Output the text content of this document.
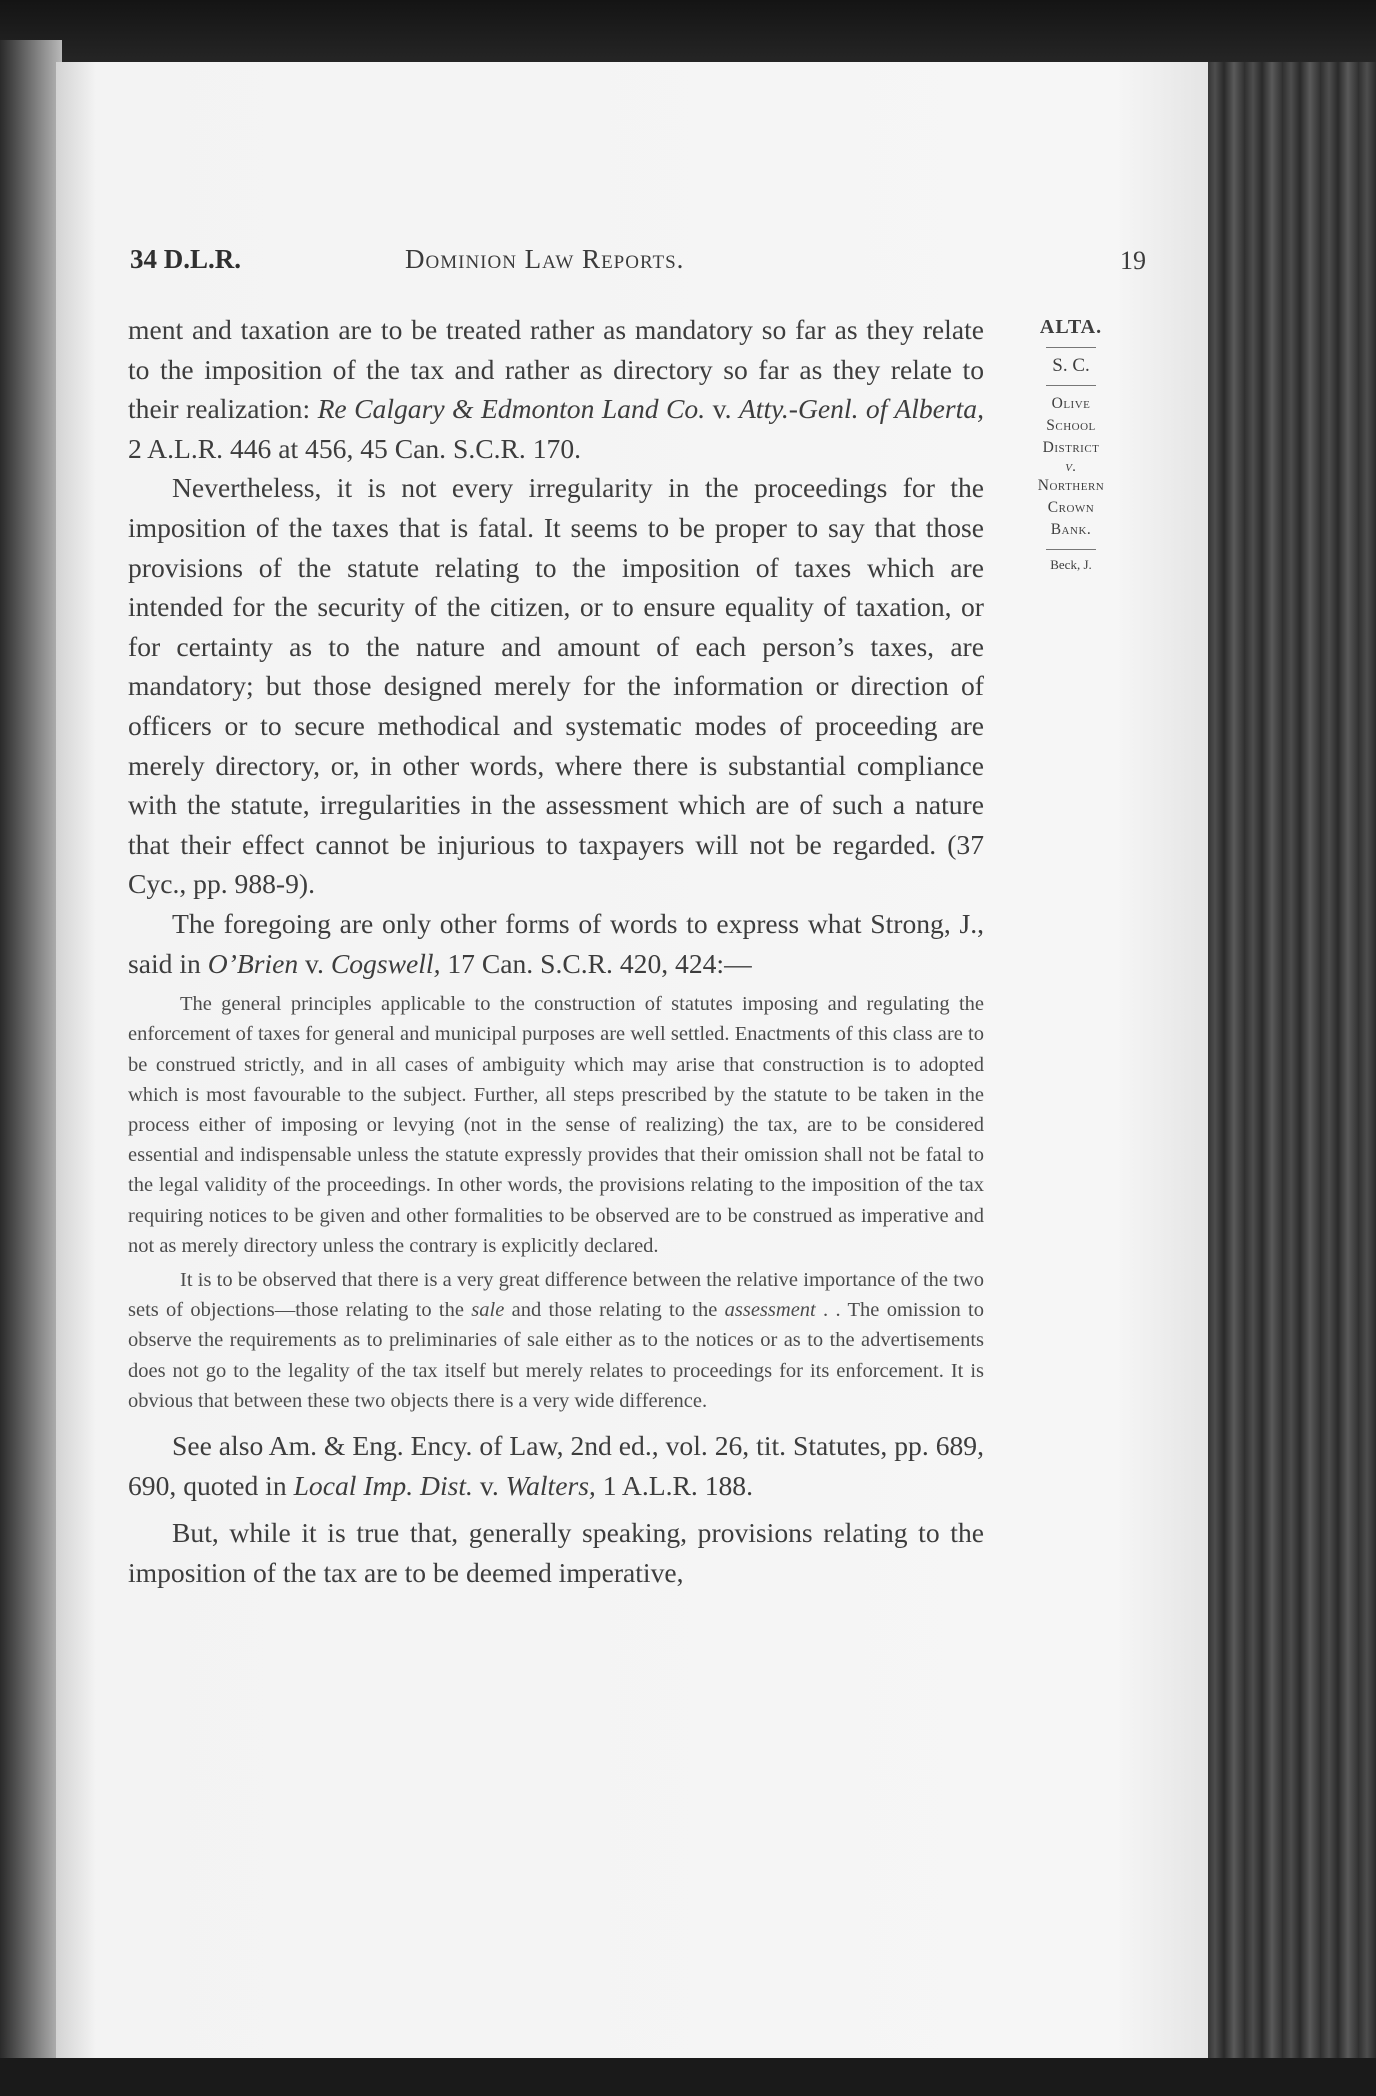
34 D.L.R.	Dominion Law Reports.	19
ALTA.
S. C.
Olive
School
District
v.
Northern
Crown
Bank.
Beck, J.

ment and taxation are to be treated rather as mandatory so far as they relate to the imposition of the tax and rather as directory so far as they relate to their realization: Re Calgary & Edmonton Land Co. v. Atty.-Genl. of Alberta, 2 A.L.R. 446 at 456, 45 Can. S.C.R. 170.

Nevertheless, it is not every irregularity in the proceedings for the imposition of the taxes that is fatal. It seems to be proper to say that those provisions of the statute relating to the imposition of taxes which are intended for the security of the citizen, or to ensure equality of taxation, or for certainty as to the nature and amount of each person’s taxes, are mandatory; but those designed merely for the information or direction of officers or to secure methodical and systematic modes of proceeding are merely directory, or, in other words, where there is substantial compliance with the statute, irregularities in the assessment which are of such a nature that their effect cannot be injurious to taxpayers will not be regarded. (37 Cyc., pp. 988-9).

The foregoing are only other forms of words to express what Strong, J., said in O’Brien v. Cogswell, 17 Can. S.C.R. 420, 424:—

The general principles applicable to the construction of statutes imposing and regulating the enforcement of taxes for general and municipal purposes are well settled. Enactments of this class are to be construed strictly, and in all cases of ambiguity which may arise that construction is to adopted which is most favourable to the subject. Further, all steps prescribed by the statute to be taken in the process either of imposing or levying (not in the sense of realizing) the tax, are to be considered essential and indispensable unless the statute expressly provides that their omission shall not be fatal to the legal validity of the proceedings. In other words, the provisions relating to the imposition of the tax requiring notices to be given and other formalities to be observed are to be construed as imperative and not as merely directory unless the contrary is explicitly declared.

It is to be observed that there is a very great difference between the relative importance of the two sets of objections—those relating to the sale and those relating to the assessment . . The omission to observe the requirements as to preliminaries of sale either as to the notices or as to the advertisements does not go to the legality of the tax itself but merely relates to proceedings for its enforcement. It is obvious that between these two objects there is a very wide difference.

See also Am. & Eng. Ency. of Law, 2nd ed., vol. 26, tit. Statutes, pp. 689, 690, quoted in Local Imp. Dist. v. Walters, 1 A.L.R. 188.

But, while it is true that, generally speaking, provisions relating to the imposition of the tax are to be deemed imperative,
